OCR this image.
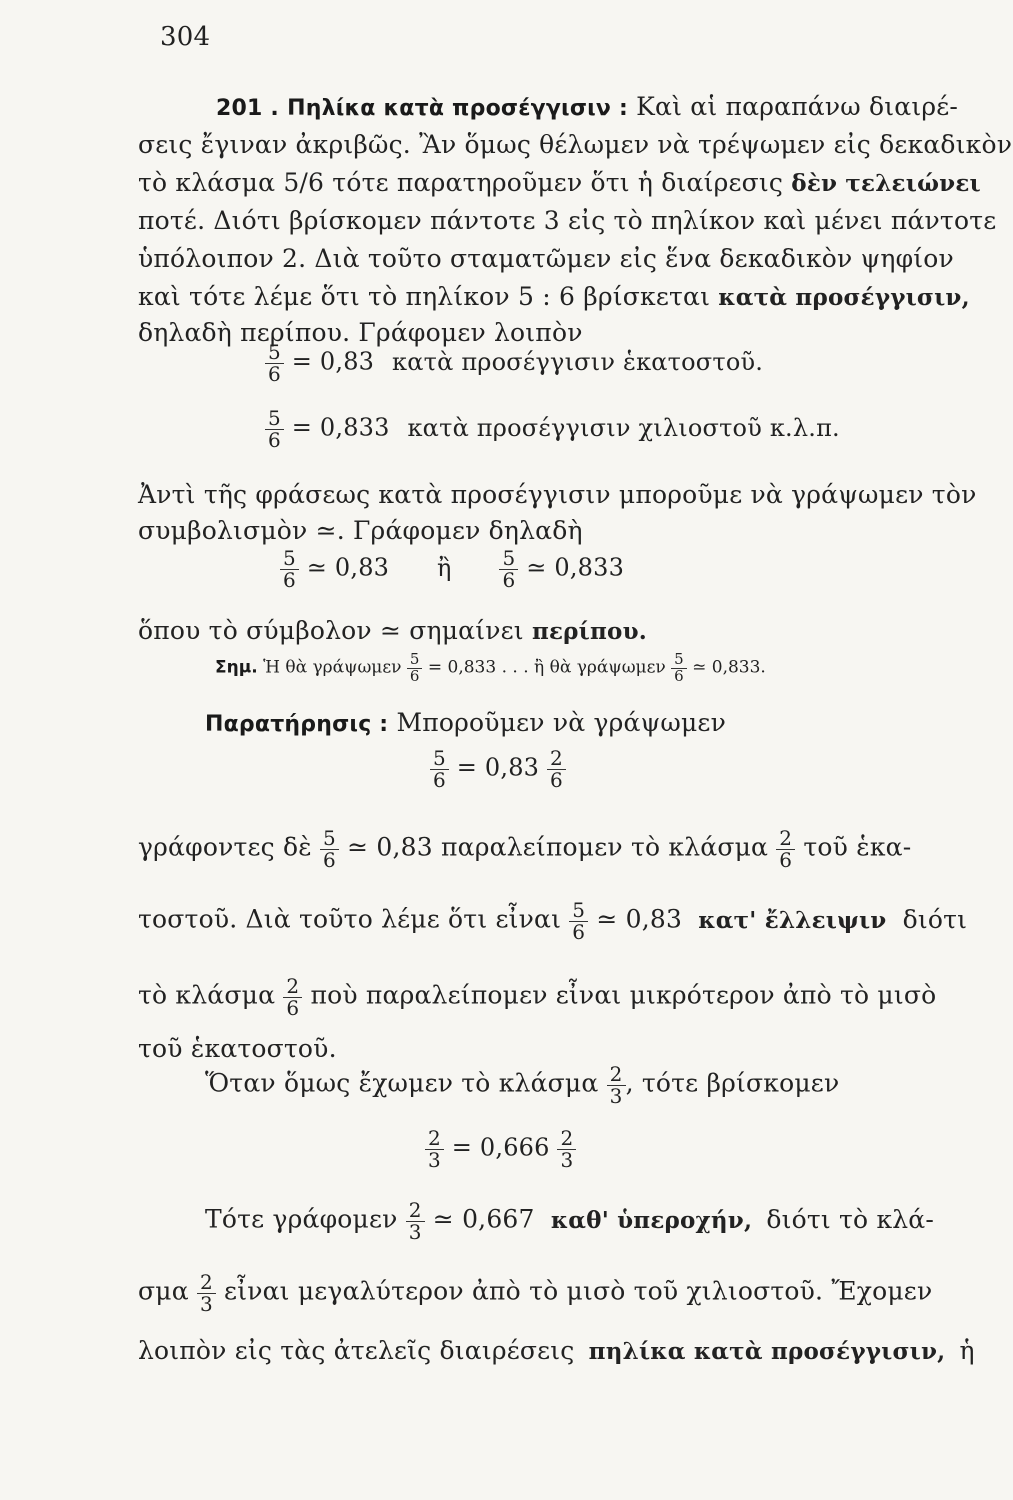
304
201 . Πηλίκα κατὰ προσέγγισιν : Καὶ αἱ παραπάνω διαιρέ-
σεις ἔγιναν ἀκριβῶς. Ἂν ὅμως θέλωμεν νὰ τρέψωμεν εἰς δεκαδικὸν
τὸ κλάσμα 5/6 τότε παρατηροῦμεν ὅτι ἡ διαίρεσις δὲν τελειώνει
ποτέ. Διότι βρίσκομεν πάντοτε 3 εἰς τὸ πηλίκον καὶ μένει πάντοτε
ὑπόλοιπον 2. Διὰ τοῦτο σταματῶμεν εἰς ἕνα δεκαδικὸν ψηφίον
καὶ τότε λέμε ὅτι τὸ πηλίκον 5 : 6 βρίσκεται κατὰ προσέγγισιν,
δηλαδὴ περίπου. Γράφομεν λοιπὸν
$\frac{5}{6} = 0,83$ κατὰ προσέγγισιν ἑκατοστοῦ.
$\frac{5}{6} = 0,833$ κατὰ προσέγγισιν χιλιοστοῦ κ.λ.π.
Ἀντὶ τῆς φράσεως κατὰ προσέγγισιν μποροῦμε νὰ γράψωμεν τὸν
συμβολισμὸν ≃. Γράφομεν δηλαδὴ
$\frac{5}{6}$ ≃ 0,83 ἢ $\frac{5}{6}$ ≃ 0,833
ὅπου τὸ σύμβολον ≃ σημαίνει περίπου.
Σημ. Ἡ θὰ γράψωμεν $\frac{5}{6} = 0,833$ . . . ἢ θὰ γράψωμεν $\frac{5}{6}$ ≃ 0,833.
Παρατήρησις : Μποροῦμεν νὰ γράψωμεν
$\frac{5}{6} = 0,83 \frac{2}{6}$
γράφοντες δὲ $\frac{5}{6}$ ≃ 0,83 παραλείπομεν τὸ κλάσμα $\frac{2}{6}$ τοῦ ἑκα-
τοστοῦ. Διὰ τοῦτο λέμε ὅτι εἶναι $\frac{5}{6}$ ≃ 0,83 κατ' ἔλλειψιν διότι
τὸ κλάσμα $\frac{2}{6}$ ποὺ παραλείπομεν εἶναι μικρότερον ἀπὸ τὸ μισὸ
τοῦ ἑκατοστοῦ.
Ὅταν ὅμως ἔχωμεν τὸ κλάσμα $\frac{2}{3}$ , τότε βρίσκομεν
$\frac{2}{3} = 0,666 \frac{2}{3}$
Τότε γράφομεν $\frac{2}{3}$ ≃ 0,667 καθ' ὑπεροχήν, διότι τὸ κλά-
σμα $\frac{2}{3}$ εἶναι μεγαλύτερον ἀπὸ τὸ μισὸ τοῦ χιλιοστοῦ. Ἔχομεν
λοιπὸν εἰς τὰς ἀτελεῖς διαιρέσεις πηλίκα κατὰ προσέγγισιν, ἡ
